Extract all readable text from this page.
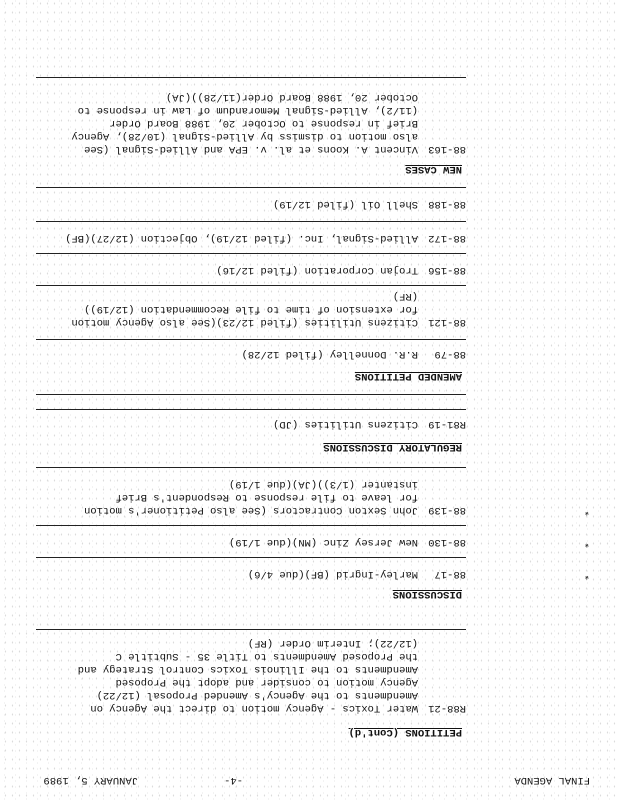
FINAL AGENDA
-4-
JANUARY 5, 1989
PETITIONS (Cont'd)
R88-21
Water Toxics - Agency motion to direct the Agency on
Amendments to the Agency's Amended Proposal (12/22)
Agency motion to consider and adopt the Proposed
Amendments to the Illinois Toxics Control Strategy and
the Proposed Amendments to Title 35 - Subtitle C
(12/22); Interim Order (RF)
DISCUSSIONS
*
88-17
Marley-Ingrid (BF)(due 4/6)
*
88-130
New Jersey Zinc (MN)(due 1/19)
*
88-139
John Sexton Contractors (See also Petitioner's motion
for leave to file response to Respondent's Brief
instanter (1/3))(JA)(due 1/19)
REGULATORY DISCUSSIONS
R81-19
Citizens Utilities (JD)
AMENDED PETITIONS
88-79
R.R. Donnelley (filed 12/28)
88-121
Citizens Utilities (filed 12/23)(See also Agency motion
for extension of time to file Recommendation (12/19))
(RF)
88-156
Trojan Corporation (filed 12/16)
88-172
Allied-Signal, Inc. (filed 12/19), Objection (12/27)(BF)
88-188
Shell Oil (filed 12/19)
NEW CASES
88-163
Vincent A. Koons et al. v. EPA and Allied-Signal (See
also motion to dismiss by Allied-Signal (10/28), Agency
Brief in response to October 20, 1988 Board Order
(11/2), Allied-Signal Memorandum of Law in response to
October 20, 1988 Board Order(11/28))(JA)
